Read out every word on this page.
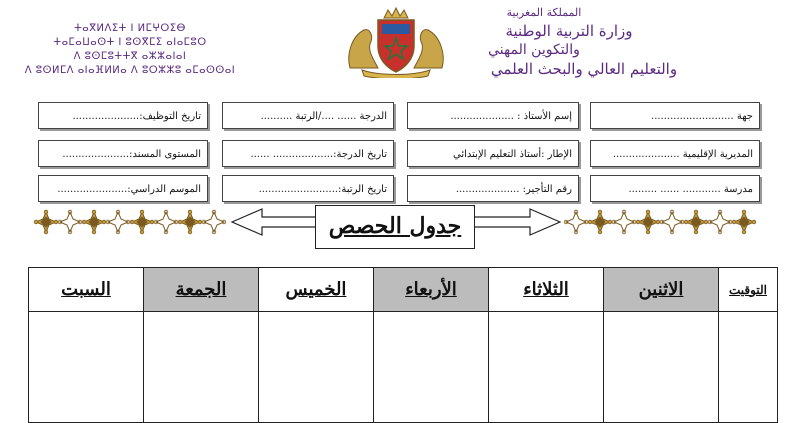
ⵜⴰⴳⵍⴷⵉⵜ ⵏ ⵍⵎⵖⵔⵉⴱ
ⵜⴰⵎⴰⵡⴰⵙⵜ ⵏ ⵓⵙⴳⵎⵉ ⴰⵏⴰⵎⵓⵔ
ⴷ ⵓⵙⵎⵓⵜⵜⴳ ⴰⵣⵣⴰⵏⴰⵏ
ⴷ ⵓⵙⵍⵎⴷ ⴰⵏⴰⴼⵍⵍⴰ ⴷ ⵓⵔⵣⵣⵓ ⴰⵎⴰⵙⵙⴰⵏ
المملكة المغربية
وزارة التربية الوطنية
والتكوين المهني
والتعليم العالي والبحث العلمي
جهة ..........................
إسم الأستاذ : ....................
الدرجة ...... ..../الرتبة ..........
تاريخ التوظيف:.....................
المديرية الإقليمية .....................
الإطار :أستاذ التعليم الإبتدائي
تاريخ الدرجة:................... ......
المستوى المسند:.....................
مدرسة ............ ...... .........
رقم التأجير: ....................
تاريخ الرتبة:.........................
الموسم الدراسي:......................
جدول الحصص
التوقيت	الاثنين	الثلاثاء	الأربعاء	الخميس	الجمعة	السبت
